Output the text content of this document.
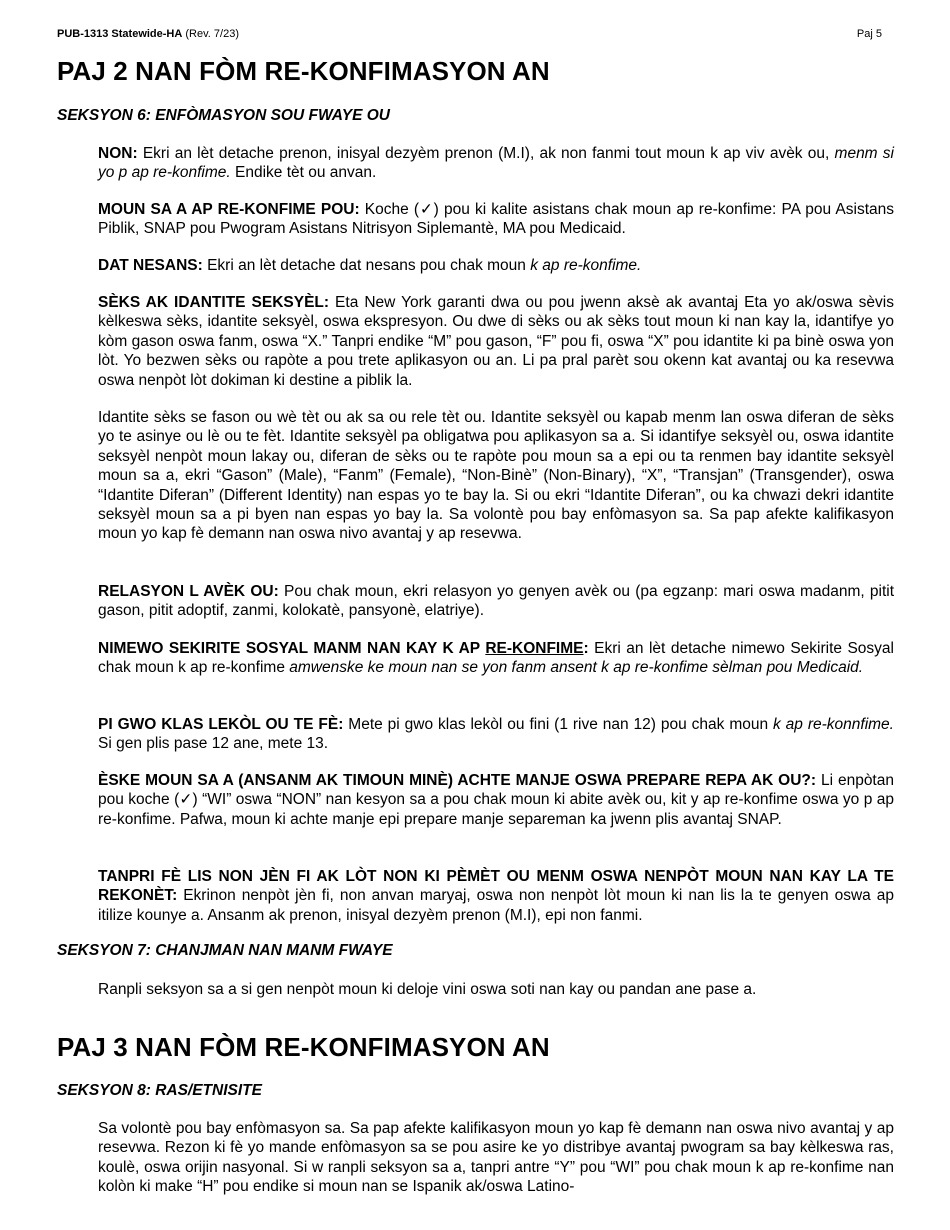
PUB-1313 Statewide-HA (Rev. 7/23)	Paj 5
PAJ 2 NAN FÒM RE-KONFIMASYON AN
SEKSYON 6: ENFÒMASYON SOU FWAYE OU

NON: Ekri an lèt detache prenon, inisyal dezyèm prenon (M.I), ak non fanmi tout moun k ap viv avèk ou, menm si yo p ap re-konfime. Endike tèt ou anvan.

MOUN SA A AP RE-KONFIME POU: Koche (✓) pou ki kalite asistans chak moun ap re-konfime: PA pou Asistans Piblik, SNAP pou Pwogram Asistans Nitrisyon Siplemantè, MA pou Medicaid.

DAT NESANS: Ekri an lèt detache dat nesans pou chak moun k ap re-konfime.

SÈKS AK IDANTITE SEKSYÈL: Eta New York garanti dwa ou pou jwenn aksè ak avantaj Eta yo ak/oswa sèvis kèlkeswa sèks, idantite seksyèl, oswa ekspresyon. Ou dwe di sèks ou ak sèks tout moun ki nan kay la, idantifye yo kòm gason oswa fanm, oswa “X.” Tanpri endike “M” pou gason, “F” pou fi, oswa “X” pou idantite ki pa binè oswa yon lòt. Yo bezwen sèks ou rapòte a pou trete aplikasyon ou an. Li pa pral parèt sou okenn kat avantaj ou ka resevwa oswa nenpòt lòt dokiman ki destine a piblik la.

Idantite sèks se fason ou wè tèt ou ak sa ou rele tèt ou. Idantite seksyèl ou kapab menm lan oswa diferan de sèks yo te asinye ou lè ou te fèt. Idantite seksyèl pa obligatwa pou aplikasyon sa a. Si idantifye seksyèl ou, oswa idantite seksyèl nenpòt moun lakay ou, diferan de sèks ou te rapòte pou moun sa a epi ou ta renmen bay idantite seksyèl moun sa a, ekri “Gason” (Male), “Fanm” (Female), “Non-Binè” (Non-Binary), “X”, “Transjan” (Transgender), oswa “Idantite Diferan” (Different Identity) nan espas yo te bay la. Si ou ekri “Idantite Diferan”, ou ka chwazi dekri idantite seksyèl moun sa a pi byen nan espas yo bay la. Sa volontè pou bay enfòmasyon sa. Sa pap afekte kalifikasyon moun yo kap fè demann nan oswa nivo avantaj y ap resevwa.

RELASYON L AVÈK OU: Pou chak moun, ekri relasyon yo genyen avèk ou (pa egzanp: mari oswa madanm, pitit gason, pitit adoptif, zanmi, kolokatè, pansyonè, elatriye).

NIMEWO SEKIRITE SOSYAL MANM NAN KAY K AP RE-KONFIME: Ekri an lèt detache nimewo Sekirite Sosyal chak moun k ap re-konfime amwenske ke moun nan se yon fanm ansent k ap re-konfime sèlman pou Medicaid.

PI GWO KLAS LEKÒL OU TE FÈ: Mete pi gwo klas lekòl ou fini (1 rive nan 12) pou chak moun k ap re-konnfime. Si gen plis pase 12 ane, mete 13.

ÈSKE MOUN SA A (ANSANM AK TIMOUN MINÈ) ACHTE MANJE OSWA PREPARE REPA AK OU?: Li enpòtan pou koche (✓) “WI” oswa “NON” nan kesyon sa a pou chak moun ki abite avèk ou, kit y ap re-konfime oswa yo p ap re-konfime. Pafwa, moun ki achte manje epi prepare manje separeman ka jwenn plis avantaj SNAP.

TANPRI FÈ LIS NON JÈN FI AK LÒT NON KI PÈMÈT OU MENM OSWA NENPÒT MOUN NAN KAY LA TE REKONÈT: Ekrinon nenpòt jèn fi, non anvan maryaj, oswa non nenpòt lòt moun ki nan lis la te genyen oswa ap itilize kounye a. Ansanm ak prenon, inisyal dezyèm prenon (M.I), epi non fanmi.

SEKSYON 7: CHANJMAN NAN MANM FWAYE

Ranpli seksyon sa a si gen nenpòt moun ki deloje vini oswa soti nan kay ou pandan ane pase a.

PAJ 3 NAN FÒM RE-KONFIMASYON AN
SEKSYON 8: RAS/ETNISITE

Sa volontè pou bay enfòmasyon sa. Sa pap afekte kalifikasyon moun yo kap fè demann nan oswa nivo avantaj y ap resevwa. Rezon ki fè yo mande enfòmasyon sa se pou asire ke yo distribye avantaj pwogram sa bay kèlkeswa ras, koulè, oswa orijin nasyonal. Si w ranpli seksyon sa a, tanpri antre “Y” pou “WI” pou chak moun k ap re-konfime nan kolòn ki make “H” pou endike si moun nan se Ispanik ak/oswa Latino-
